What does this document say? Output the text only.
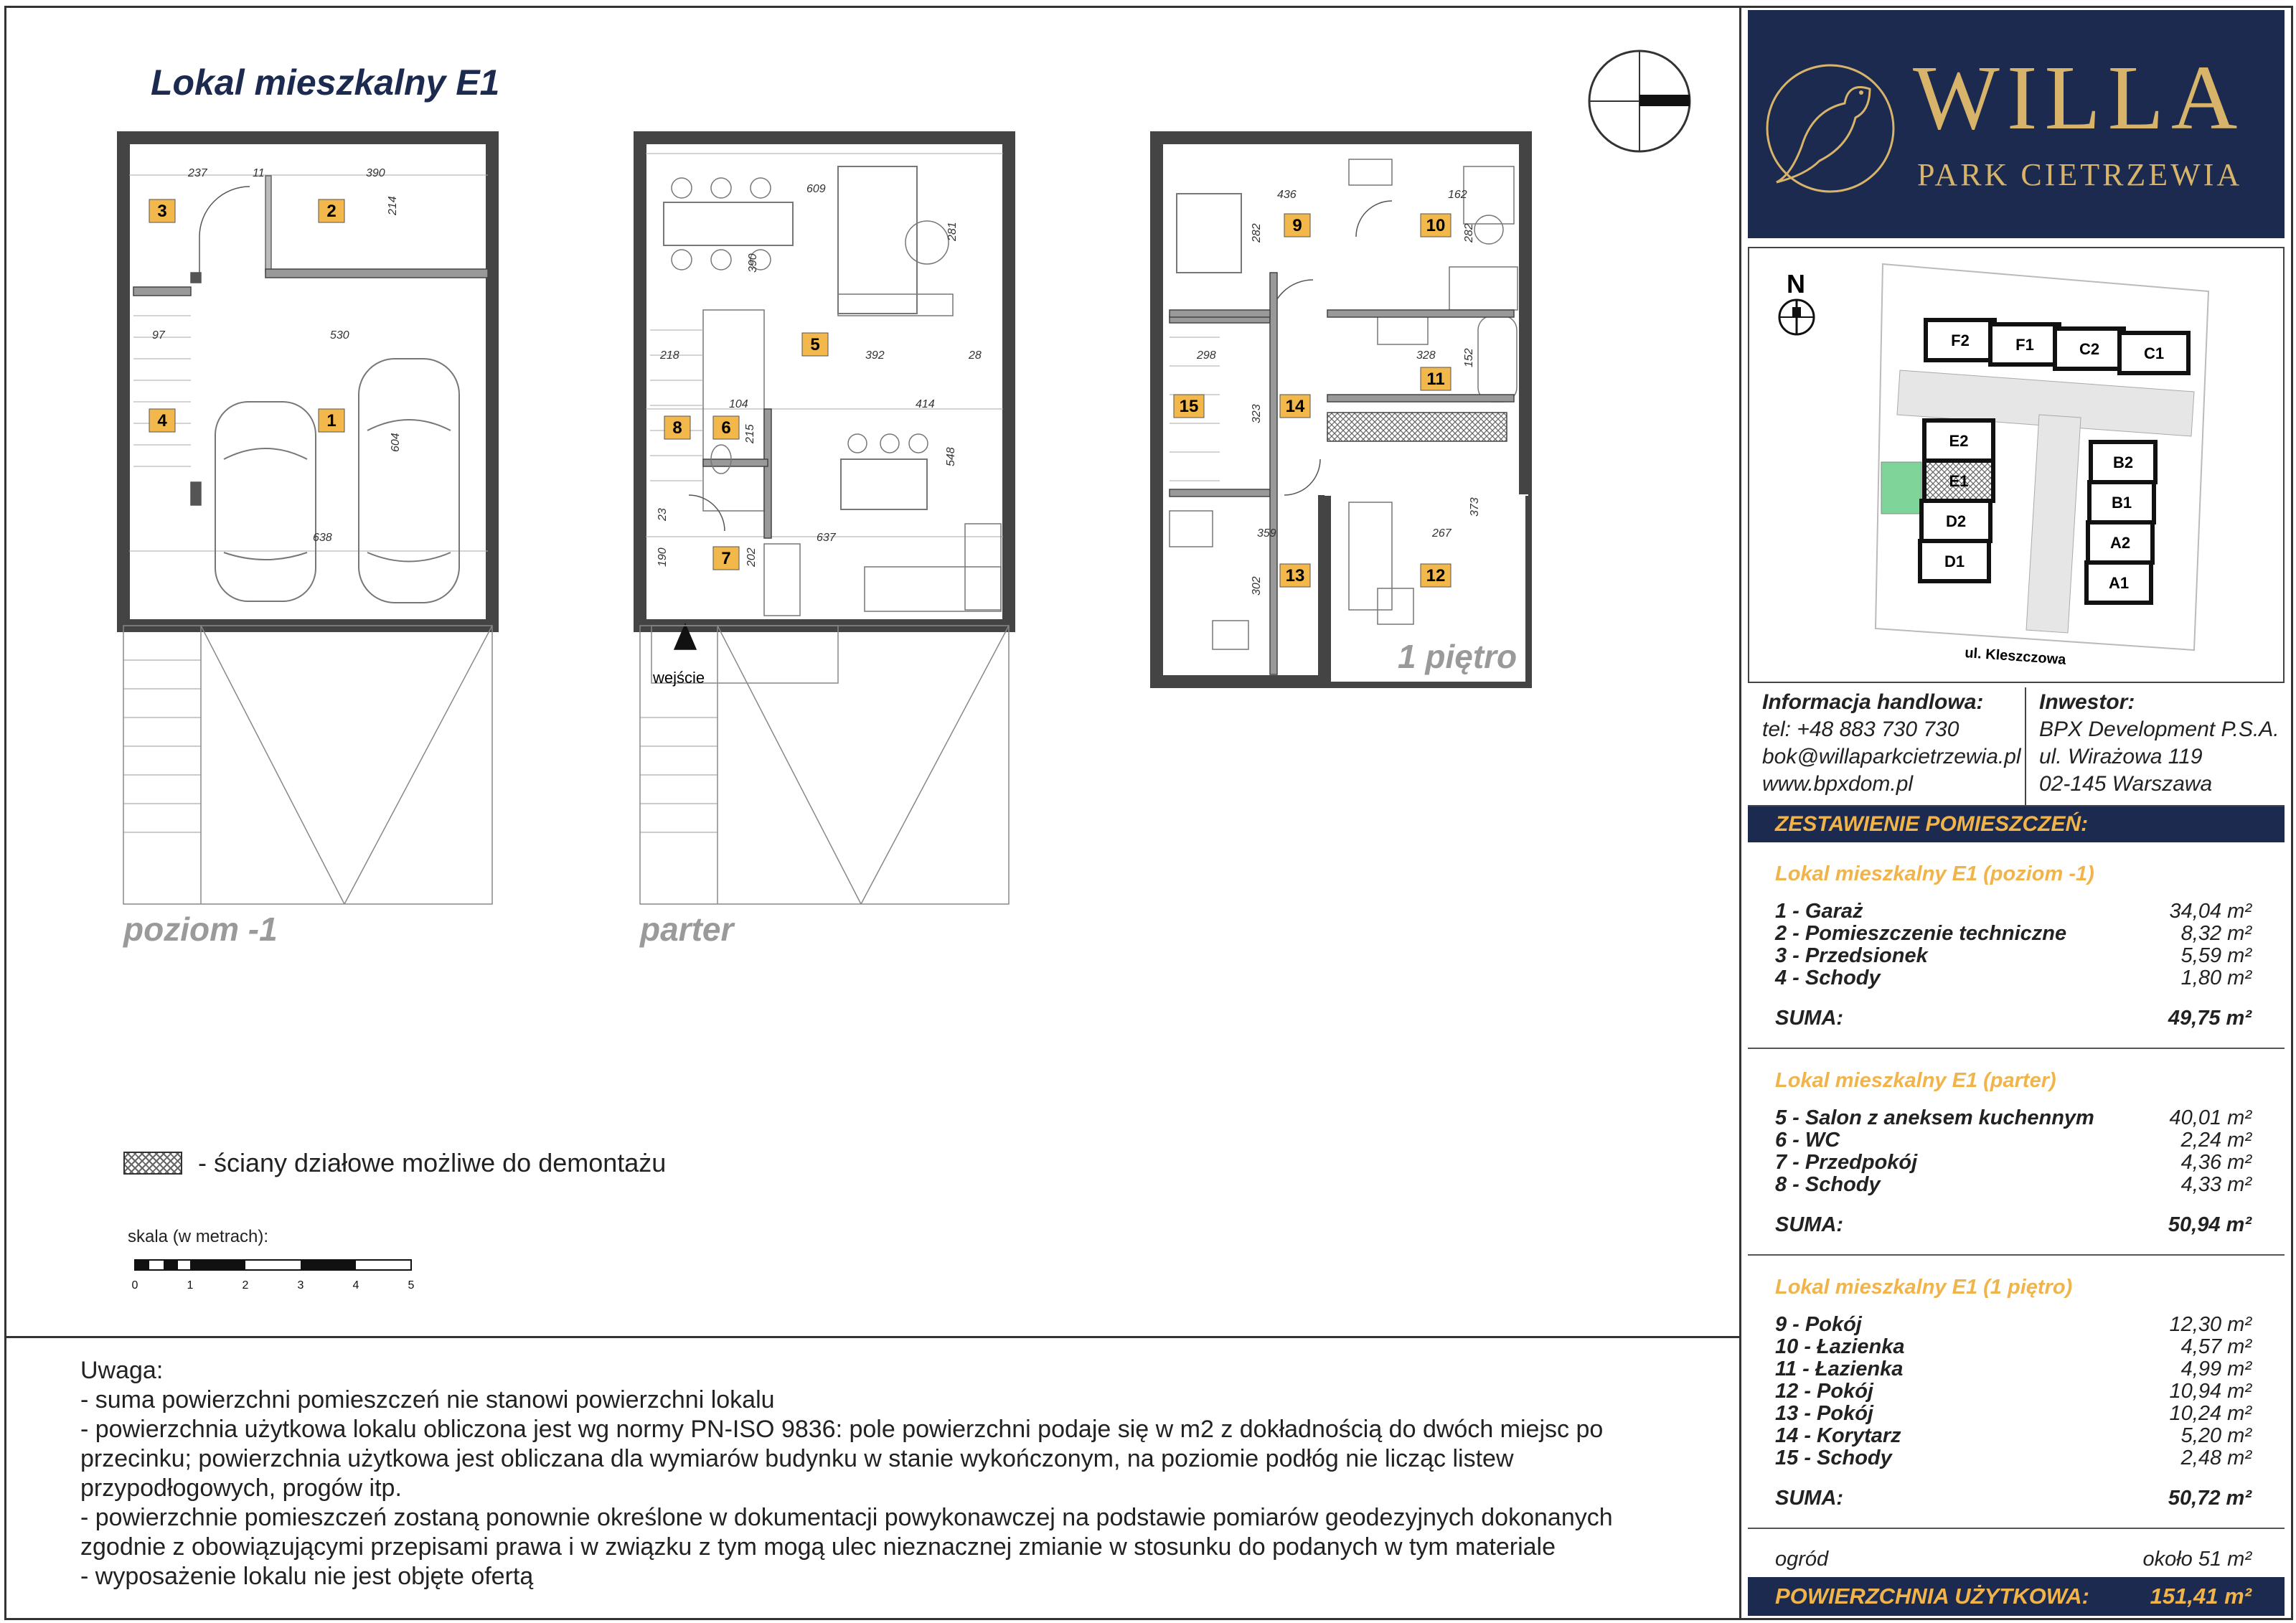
Lokal mieszkalny E1
1
2
3
4
5
6
7
8
9	10
11
12
13
14
15
237	11	390
214
97	530
604
638
609
281
390
218	392	28
414
104
215
548
637
23
190	202
436	162
282	282
298	328 152
323
359	267
373
302
wejście
poziom -1	parter
1 piętro
- ściany działowe możliwe do demontażu
skala (w metrach):
0	1	2	3	4	5
Uwaga:
- suma powierzchni pomieszczeń nie stanowi powierzchni lokalu
- powierzchnia użytkowa lokalu obliczona jest wg normy PN-ISO 9836: pole powierzchni podaje się w m2 z dokładnością do dwóch miejsc po
przecinku; powierzchnia użytkowa jest obliczana dla wymiarów budynku w stanie wykończonym, na poziomie podłóg nie licząc listew
przypodłogowych, progów itp.
- powierzchnie pomieszczeń zostaną ponownie określone w dokumentacji powykonawczej na podstawie pomiarów geodezyjnych dokonanych
zgodnie z obowiązującymi przepisami prawa i w związku z tym mogą ulec nieznacznej zmianie w stosunku do podanych w tym materiale
- wyposażenie lokalu nie jest objęte ofertą
WILLA
PARK CIETRZEWIA
N
F2	F1	C2	C1
E2
E1
D2
D1
B2
B1
A2
A1
ul. Kleszczowa
Informacja handlowa:
tel: +48 883 730 730
bok@willaparkcietrzewia.pl
www.bpxdom.pl
Inwestor:
BPX Development P.S.A.
ul. Wirażowa 119
02-145 Warszawa
ZESTAWIENIE POMIESZCZEŃ:
Lokal mieszkalny E1 (poziom -1)
1 - Garaż	34,04 m²
2 - Pomieszczenie techniczne	8,32 m²
3 - Przedsionek	5,59 m²
4 - Schody	1,80 m²
SUMA:	49,75 m²
Lokal mieszkalny E1 (parter)
5 - Salon z aneksem kuchennym	40,01 m²
6 - WC	2,24 m²
7 - Przedpokój	4,36 m²
8 - Schody	4,33 m²
SUMA:	50,94 m²
Lokal mieszkalny E1 (1 piętro)
9 - Pokój	12,30 m²
10 - Łazienka	4,57 m²
11 - Łazienka	4,99 m²
12 - Pokój	10,94 m²
13 - Pokój	10,24 m²
14 - Korytarz	5,20 m²
15 - Schody	2,48 m²
SUMA:	50,72 m²
ogród	około 51 m²
POWIERZCHNIA UŻYTKOWA:	151,41 m²
